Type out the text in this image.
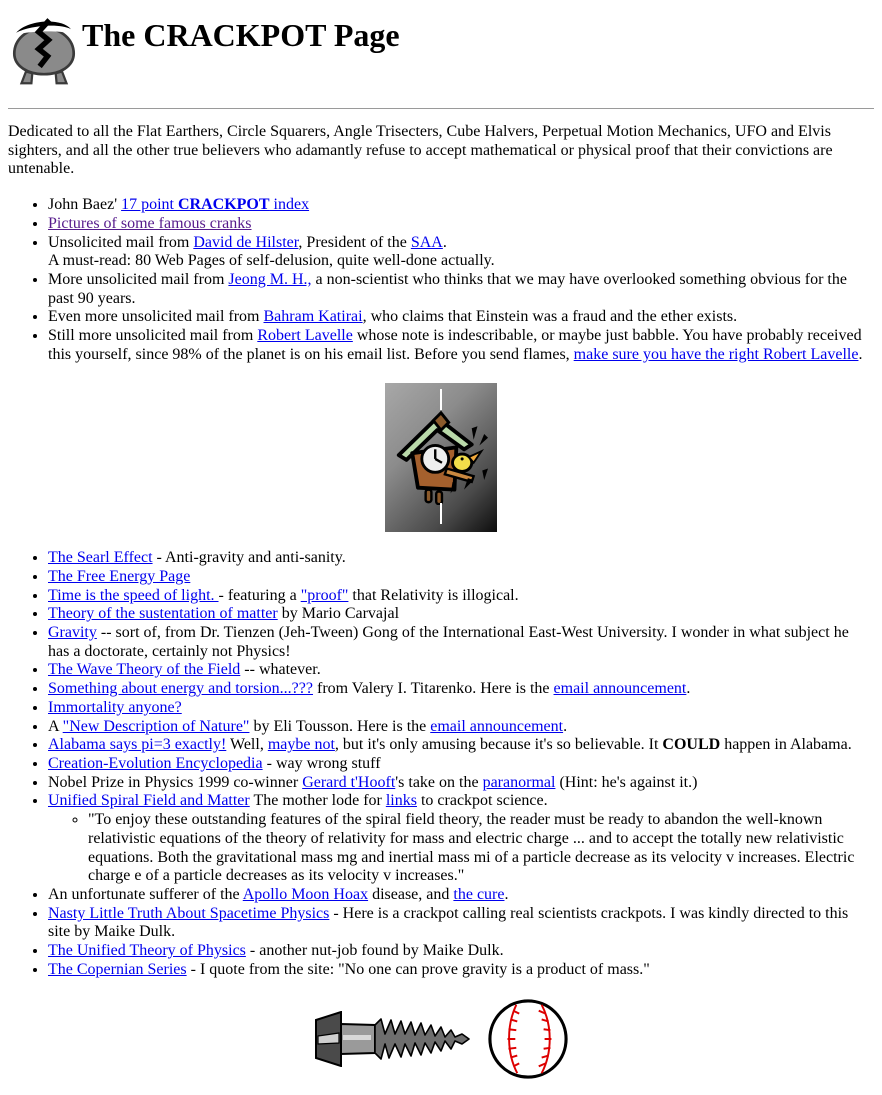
The CRACKPOT Page

Dedicated to all the Flat Earthers, Circle Squarers, Angle Trisecters, Cube Halvers, Perpetual Motion Mechanics, UFO and Elvis sighters, and all the other true believers who adamantly refuse to accept mathematical or physical proof that their convictions are untenable.

• John Baez' 17 point CRACKPOT index
• Pictures of some famous cranks
• Unsolicited mail from David de Hilster, President of the SAA.
A must-read: 80 Web Pages of self-delusion, quite well-done actually.
• More unsolicited mail from Jeong M. H., a non-scientist who thinks that we may have overlooked something obvious for the past 90 years.
• Even more unsolicited mail from Bahram Katirai, who claims that Einstein was a fraud and the ether exists.
• Still more unsolicited mail from Robert Lavelle whose note is indescribable, or maybe just babble. You have probably received this yourself, since 98% of the planet is on his email list. Before you send flames, make sure you have the right Robert Lavelle.
• The Searl Effect - Anti-gravity and anti-sanity.
• The Free Energy Page
• Time is the speed of light. - featuring a "proof" that Relativity is illogical.
• Theory of the sustentation of matter by Mario Carvajal
• Gravity -- sort of, from Dr. Tienzen (Jeh-Tween) Gong of the International East-West University. I wonder in what subject he has a doctorate, certainly not Physics!
• The Wave Theory of the Field -- whatever.
• Something about energy and torsion...??? from Valery I. Titarenko. Here is the email announcement.
• Immortality anyone?
• A "New Description of Nature" by Eli Tousson. Here is the email announcement.
• Alabama says pi=3 exactly! Well, maybe not, but it's only amusing because it's so believable. It COULD happen in Alabama.
• Creation-Evolution Encyclopedia - way wrong stuff
• Nobel Prize in Physics 1999 co-winner Gerard t'Hooft's take on the paranormal (Hint: he's against it.)
• Unified Spiral Field and Matter The mother lode for links to crackpot science.
◦ "To enjoy these outstanding features of the spiral field theory, the reader must be ready to abandon the well-known relativistic equations of the theory of relativity for mass and electric charge ... and to accept the totally new relativistic equations. Both the gravitational mass mg and inertial mass mi of a particle decrease as its velocity v increases. Electric charge e of a particle decreases as its velocity v increases."
• An unfortunate sufferer of the Apollo Moon Hoax disease, and the cure.
• Nasty Little Truth About Spacetime Physics - Here is a crackpot calling real scientists crackpots. I was kindly directed to this site by Maike Dulk.
• The Unified Theory of Physics - another nut-job found by Maike Dulk.
• The Copernian Series - I quote from the site: "No one can prove gravity is a product of mass."
